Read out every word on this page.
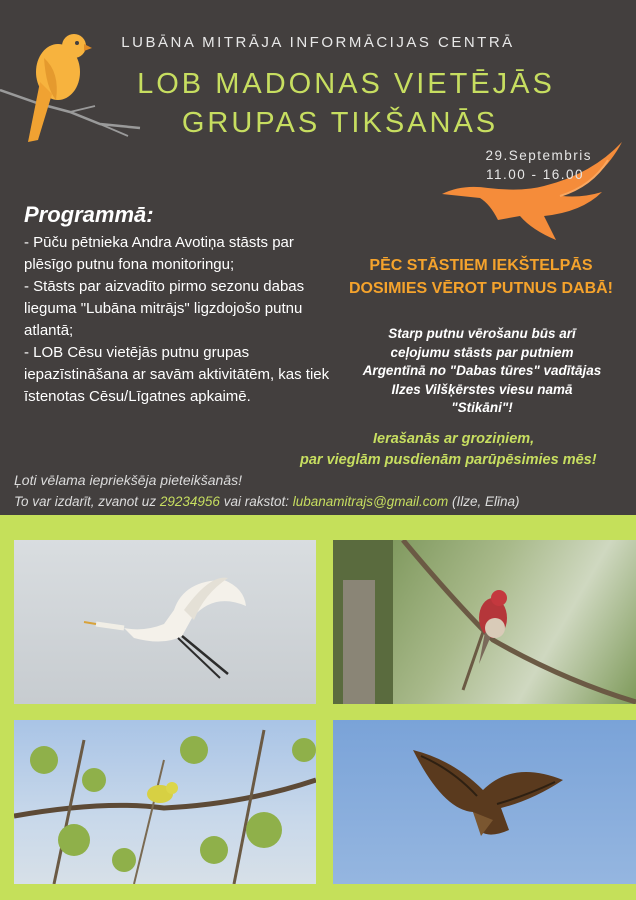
LUBĀNA MITRĀJA INFORMĀCIJAS CENTRĀ
LOB MADONAS VIETĒJĀS
GRUPAS TIKŠANĀS
29.Septembris
11.00 - 16.00
Programmā:
- Pūču pētnieka Andra Avotiņa stāsts par plēsīgo putnu fona monitoringu;
- Stāsts par aizvadīto pirmo sezonu dabas lieguma "Lubāna mitrājs" ligzdojošo putnu atlantā;
- LOB Cēsu vietējās putnu grupas iepazīstināšana ar savām aktivitātēm, kas tiek īstenotas Cēsu/Līgatnes apkaimē.
PĒC STĀSTIEM IEKŠTELPĀS DOSIMIES VĒROT PUTNUS DABĀ!
Starp putnu vērošanu būs arī ceļojumu stāsts par putniem Argentīnā no "Dabas tūres" vadītājas Ilzes Vilšķērstes viesu namā "Stikāni"!
Ierašanās ar groziņiem,
par vieglām pusdienām parūpēsimies mēs!
Ļoti vēlama iepriekšēja pieteikšanās!
To var izdarīt, zvanot uz 29234956 vai rakstot: lubanamitrajs@gmail.com (Ilze, Elīna)
